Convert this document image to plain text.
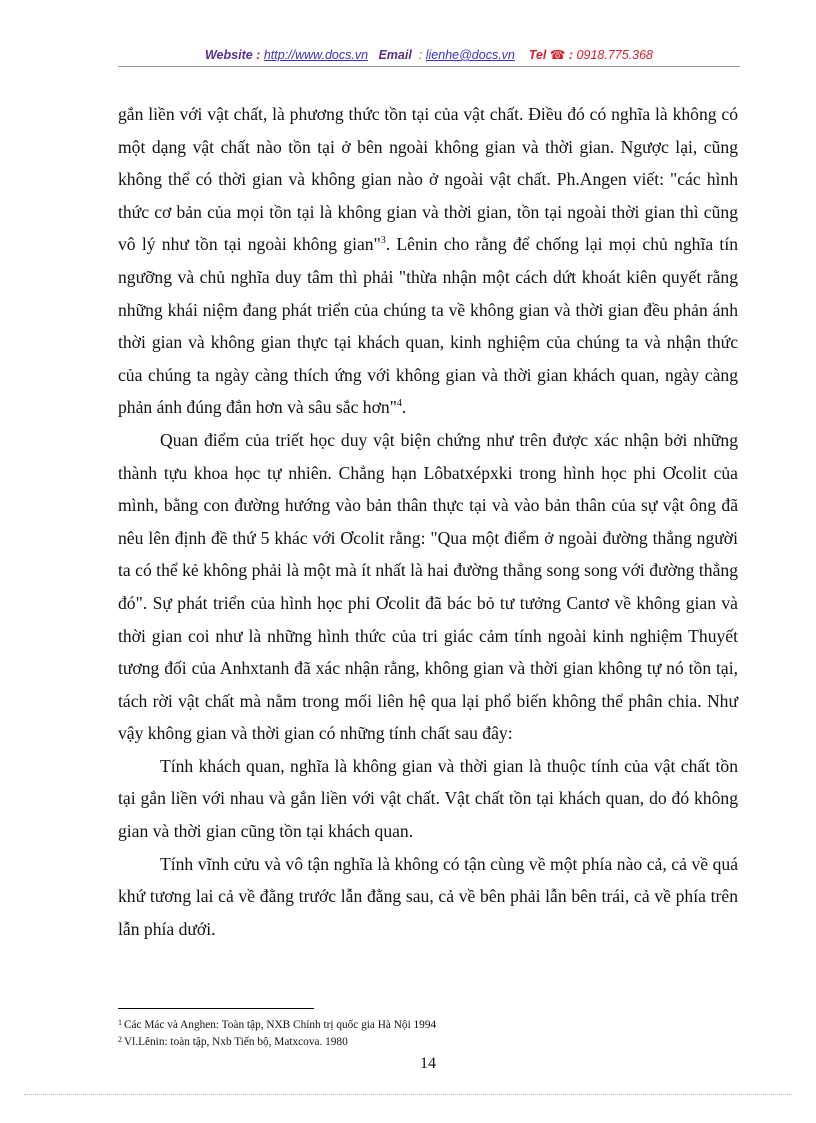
Website : http://www.docs.vn Email : lienhe@docs.vn Tel ☎ : 0918.775.368

gắn liền với vật chất, là phương thức tồn tại của vật chất. Điều đó có nghĩa là không có một dạng vật chất nào tồn tại ở bên ngoài không gian và thời gian. Ngược lại, cũng không thể có thời gian và không gian nào ở ngoài vật chất. Ph.Angen viết: "các hình thức cơ bản của mọi tồn tại là không gian và thời gian, tồn tại ngoài thời gian thì cũng vô lý như tồn tại ngoài không gian"$^3$. Lênin cho rằng để chống lại mọi chủ nghĩa tín ngưỡng và chủ nghĩa duy tâm thì phải "thừa nhận một cách dứt khoát kiên quyết rằng những khái niệm đang phát triển của chúng ta về không gian và thời gian đều phản ánh thời gian và không gian thực tại khách quan, kinh nghiệm của chúng ta và nhận thức của chúng ta ngày càng thích ứng với không gian và thời gian khách quan, ngày càng phản ánh đúng đắn hơn và sâu sắc hơn"$^4$.

Quan điểm của triết học duy vật biện chứng như trên được xác nhận bởi những thành tựu khoa học tự nhiên. Chẳng hạn Lôbatxépxki trong hình học phi Ơcolit của mình, bằng con đường hướng vào bản thân thực tại và vào bản thân của sự vật ông đã nêu lên định đề thứ 5 khác với Ơcolit rằng: "Qua một điểm ở ngoài đường thẳng người ta có thể kẻ không phải là một mà ít nhất là hai đường thẳng song song với đường thẳng đó". Sự phát triển của hình học phi Ơcolit đã bác bỏ tư tưởng Cantơ về không gian và thời gian coi như là những hình thức của tri giác cảm tính ngoài kinh nghiệm Thuyết tương đối của Anhxtanh đã xác nhận rằng, không gian và thời gian không tự nó tồn tại, tách rời vật chất mà nằm trong mối liên hệ qua lại phổ biến không thể phân chia. Như vậy không gian và thời gian có những tính chất sau đây:

Tính khách quan, nghĩa là không gian và thời gian là thuộc tính của vật chất tồn tại gắn liền với nhau và gắn liền với vật chất. Vật chất tồn tại khách quan, do đó không gian và thời gian cũng tồn tại khách quan.

Tính vĩnh cửu và vô tận nghĩa là không có tận cùng về một phía nào cả, cả về quá khứ tương lai cả về đằng trước lẫn đằng sau, cả về bên phải lẫn bên trái, cả về phía trên lẫn phía dưới.

$^1$ Các Mác và Anghen: Toàn tập, NXB Chính trị quốc gia Hà Nội 1994
$^2$ Vl.Lênin: toàn tập, Nxb Tiến bộ, Matxcova. 1980
14
